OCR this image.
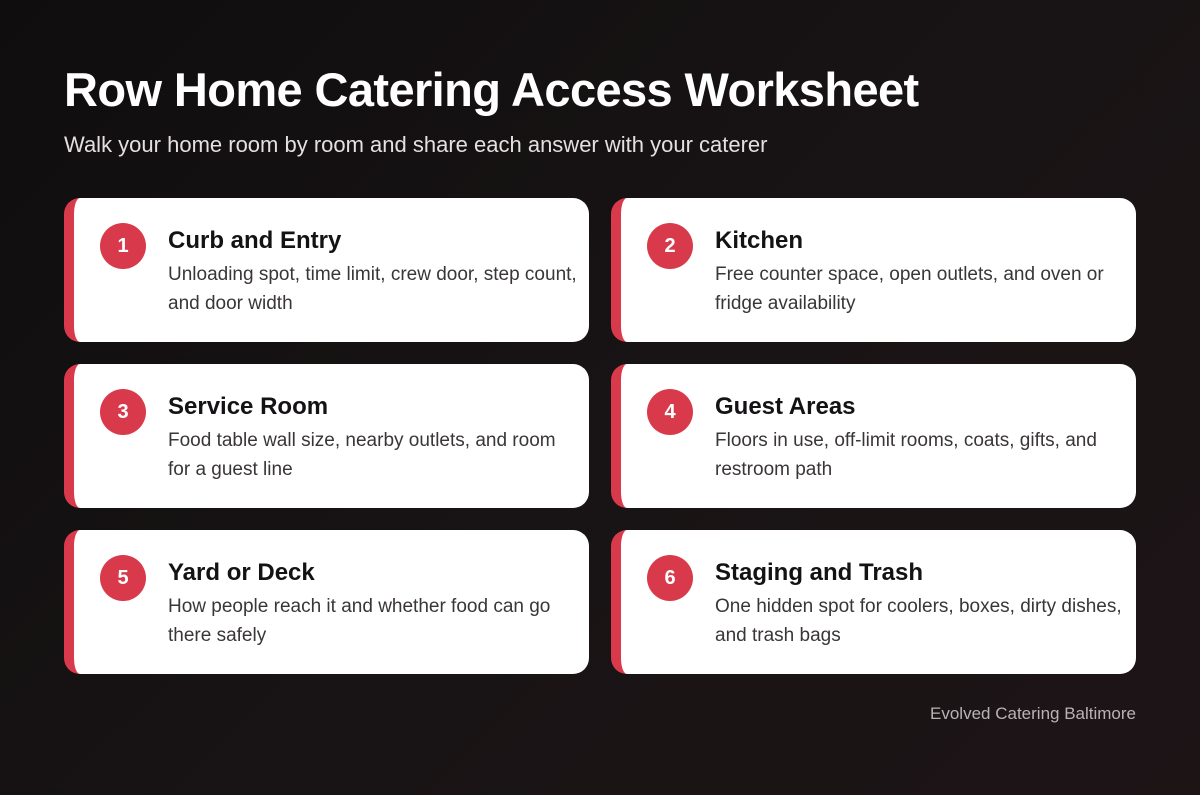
Row Home Catering Access Worksheet

Walk your home room by room and share each answer with your caterer

1	Curb and Entry
Unloading spot, time limit, crew door, step count, and door width
2	Kitchen
Free counter space, open outlets, and oven or fridge availability
3	Service Room
Food table wall size, nearby outlets, and room for a guest line
4	Guest Areas
Floors in use, off-limit rooms, coats, gifts, and restroom path
5	Yard or Deck
How people reach it and whether food can go there safely
6	Staging and Trash
One hidden spot for coolers, boxes, dirty dishes, and trash bags
Evolved Catering Baltimore
